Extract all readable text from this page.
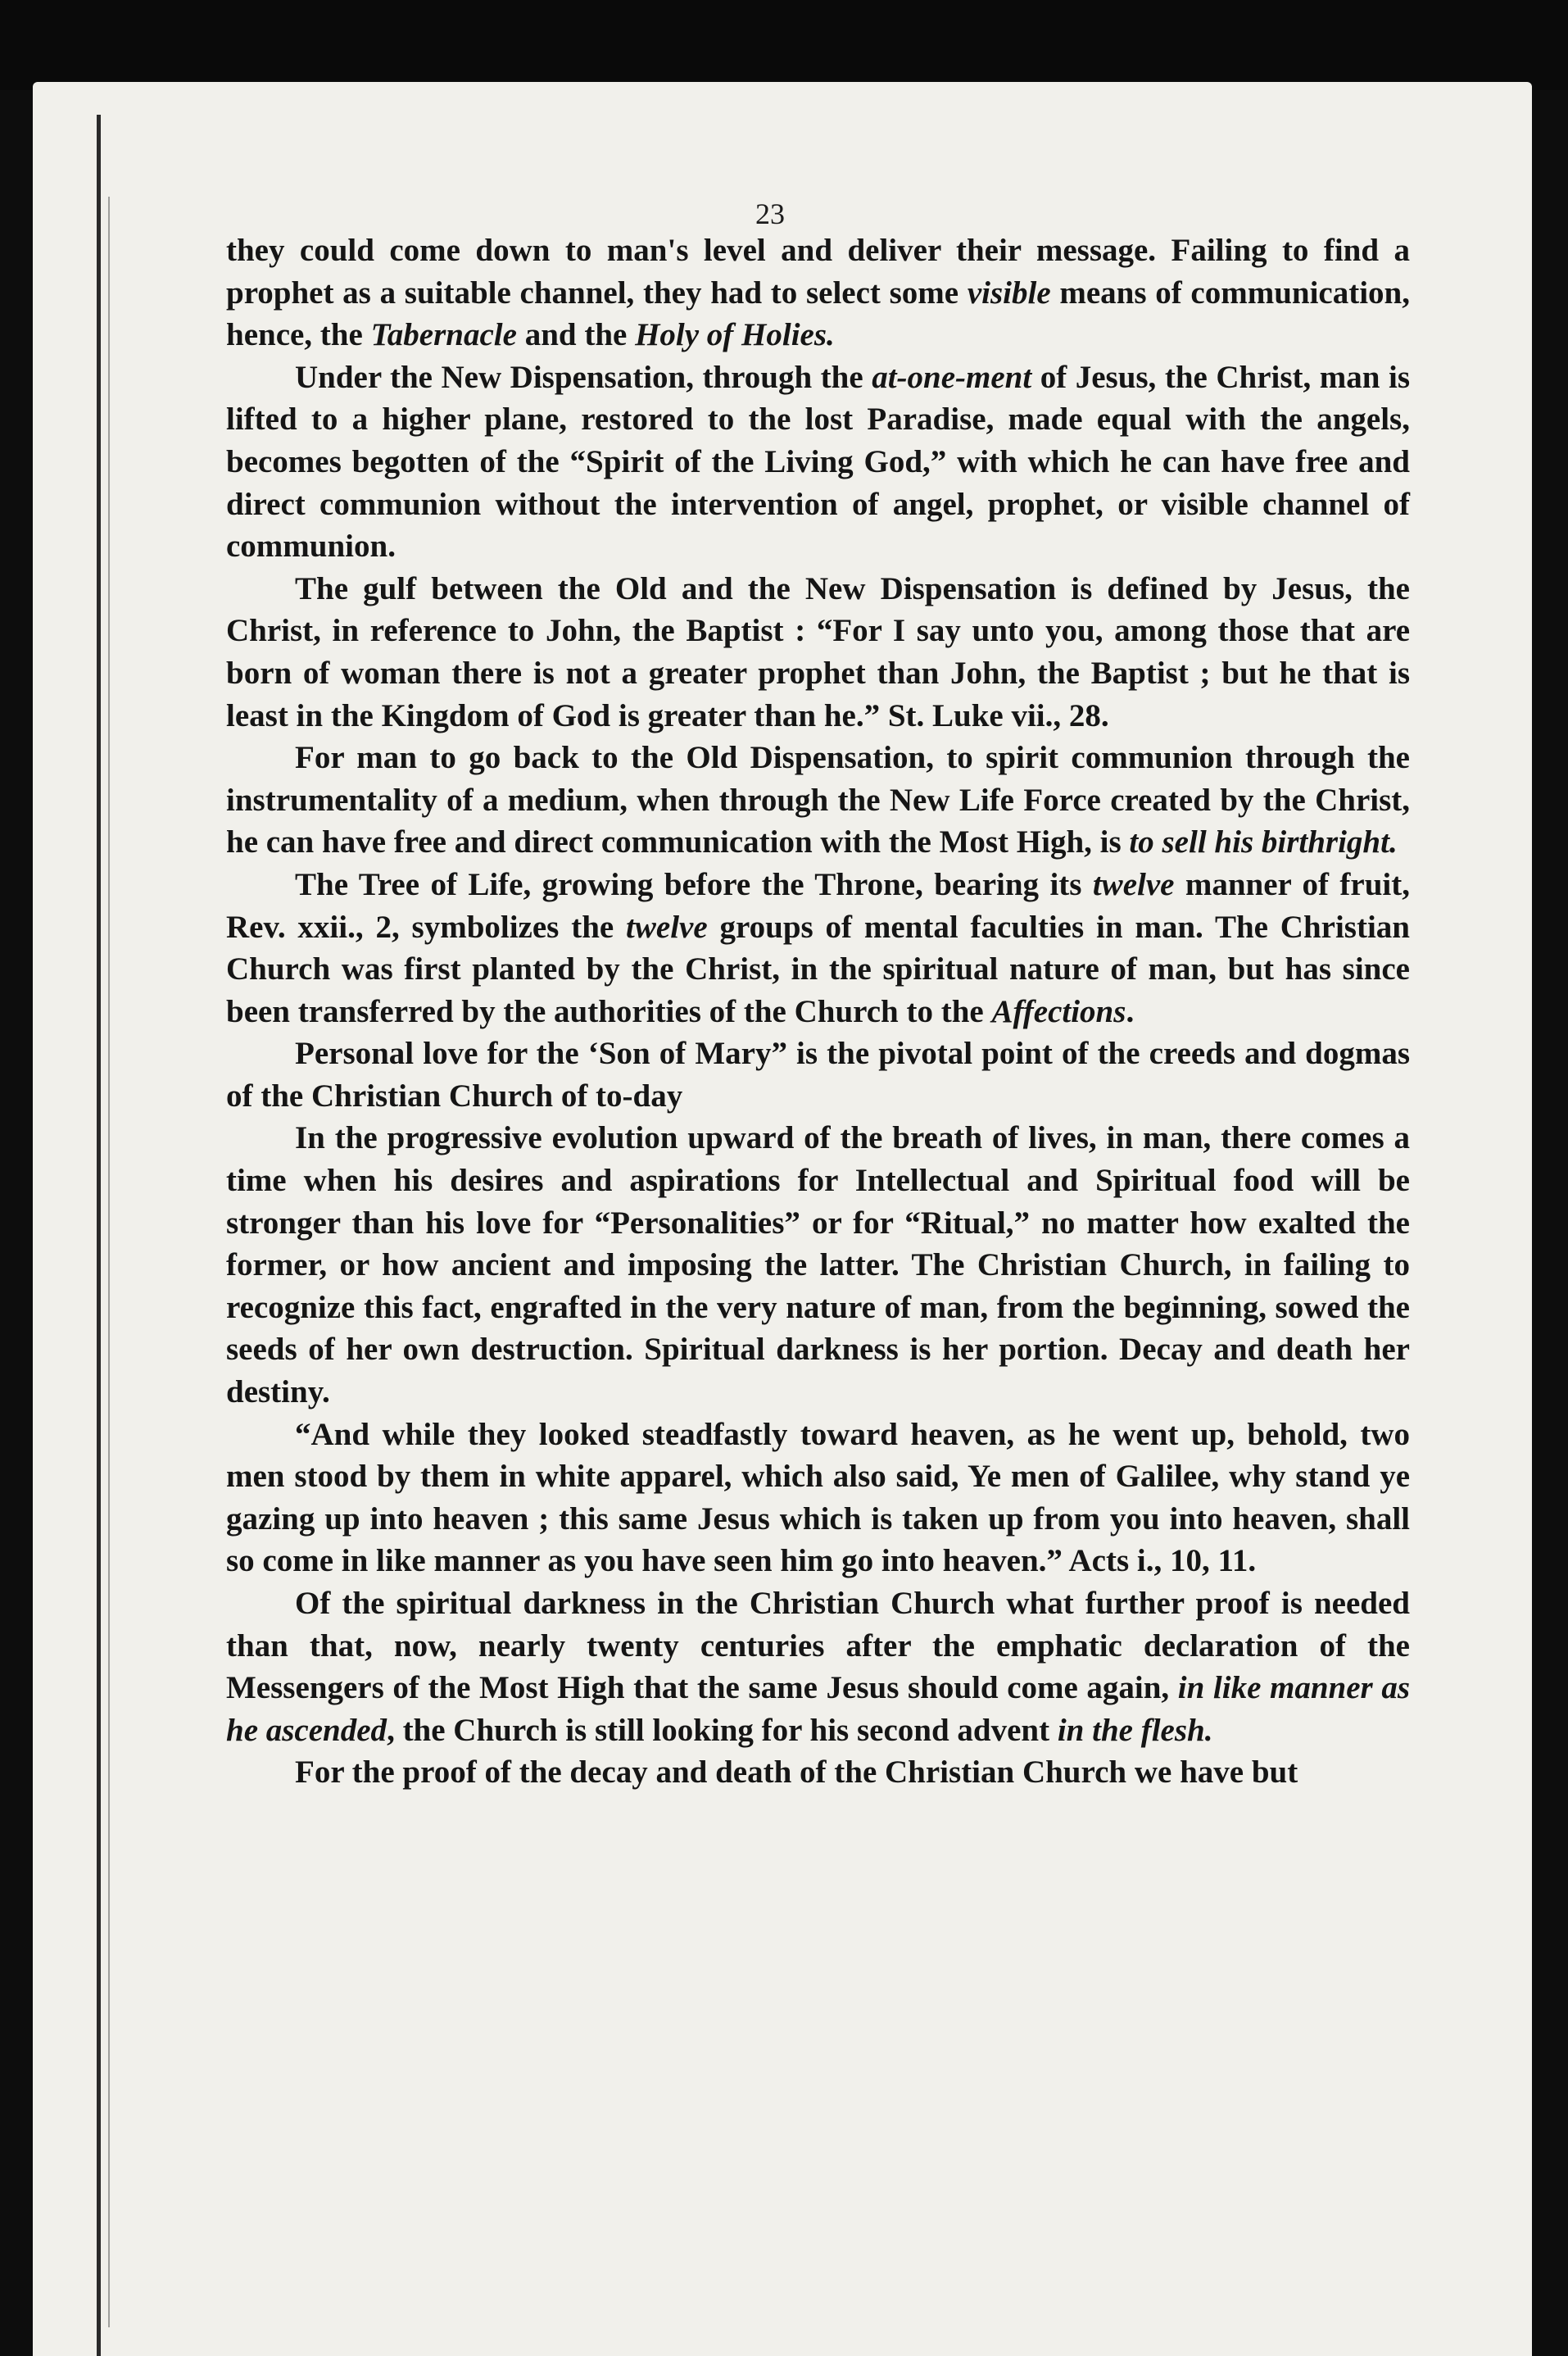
23

they could come down to man's level and deliver their message. Failing to find a prophet as a suitable channel, they had to select some visible means of communication, hence, the Tabernacle and the Holy of Holies.

Under the New Dispensation, through the at-one-ment of Jesus, the Christ, man is lifted to a higher plane, restored to the lost Paradise, made equal with the angels, becomes begotten of the “Spirit of the Living God,” with which he can have free and direct communion without the intervention of angel, prophet, or visible channel of communion.

The gulf between the Old and the New Dispensation is defined by Jesus, the Christ, in reference to John, the Baptist : “For I say unto you, among those that are born of woman there is not a greater prophet than John, the Baptist ; but he that is least in the Kingdom of God is greater than he.” St. Luke vii., 28.

For man to go back to the Old Dispensation, to spirit communion through the instrumentality of a medium, when through the New Life Force created by the Christ, he can have free and direct communication with the Most High, is to sell his birthright.

The Tree of Life, growing before the Throne, bearing its twelve manner of fruit, Rev. xxii., 2, symbolizes the twelve groups of mental faculties in man. The Christian Church was first planted by the Christ, in the spiritual nature of man, but has since been transferred by the authorities of the Church to the Affections.

Personal love for the ‘Son of Mary” is the pivotal point of the creeds and dogmas of the Christian Church of to-day

In the progressive evolution upward of the breath of lives, in man, there comes a time when his desires and aspirations for Intellectual and Spiritual food will be stronger than his love for “Personalities” or for “Ritual,” no matter how exalted the former, or how ancient and imposing the latter. The Christian Church, in failing to recognize this fact, engrafted in the very nature of man, from the beginning, sowed the seeds of her own destruction. Spiritual darkness is her portion. Decay and death her destiny.

“And while they looked steadfastly toward heaven, as he went up, behold, two men stood by them in white apparel, which also said, Ye men of Galilee, why stand ye gazing up into heaven ; this same Jesus which is taken up from you into heaven, shall so come in like manner as you have seen him go into heaven.” Acts i., 10, 11.

Of the spiritual darkness in the Christian Church what further proof is needed than that, now, nearly twenty centuries after the emphatic declaration of the Messengers of the Most High that the same Jesus should come again, in like manner as he ascended, the Church is still looking for his second advent in the flesh.

For the proof of the decay and death of the Christian Church we have but
